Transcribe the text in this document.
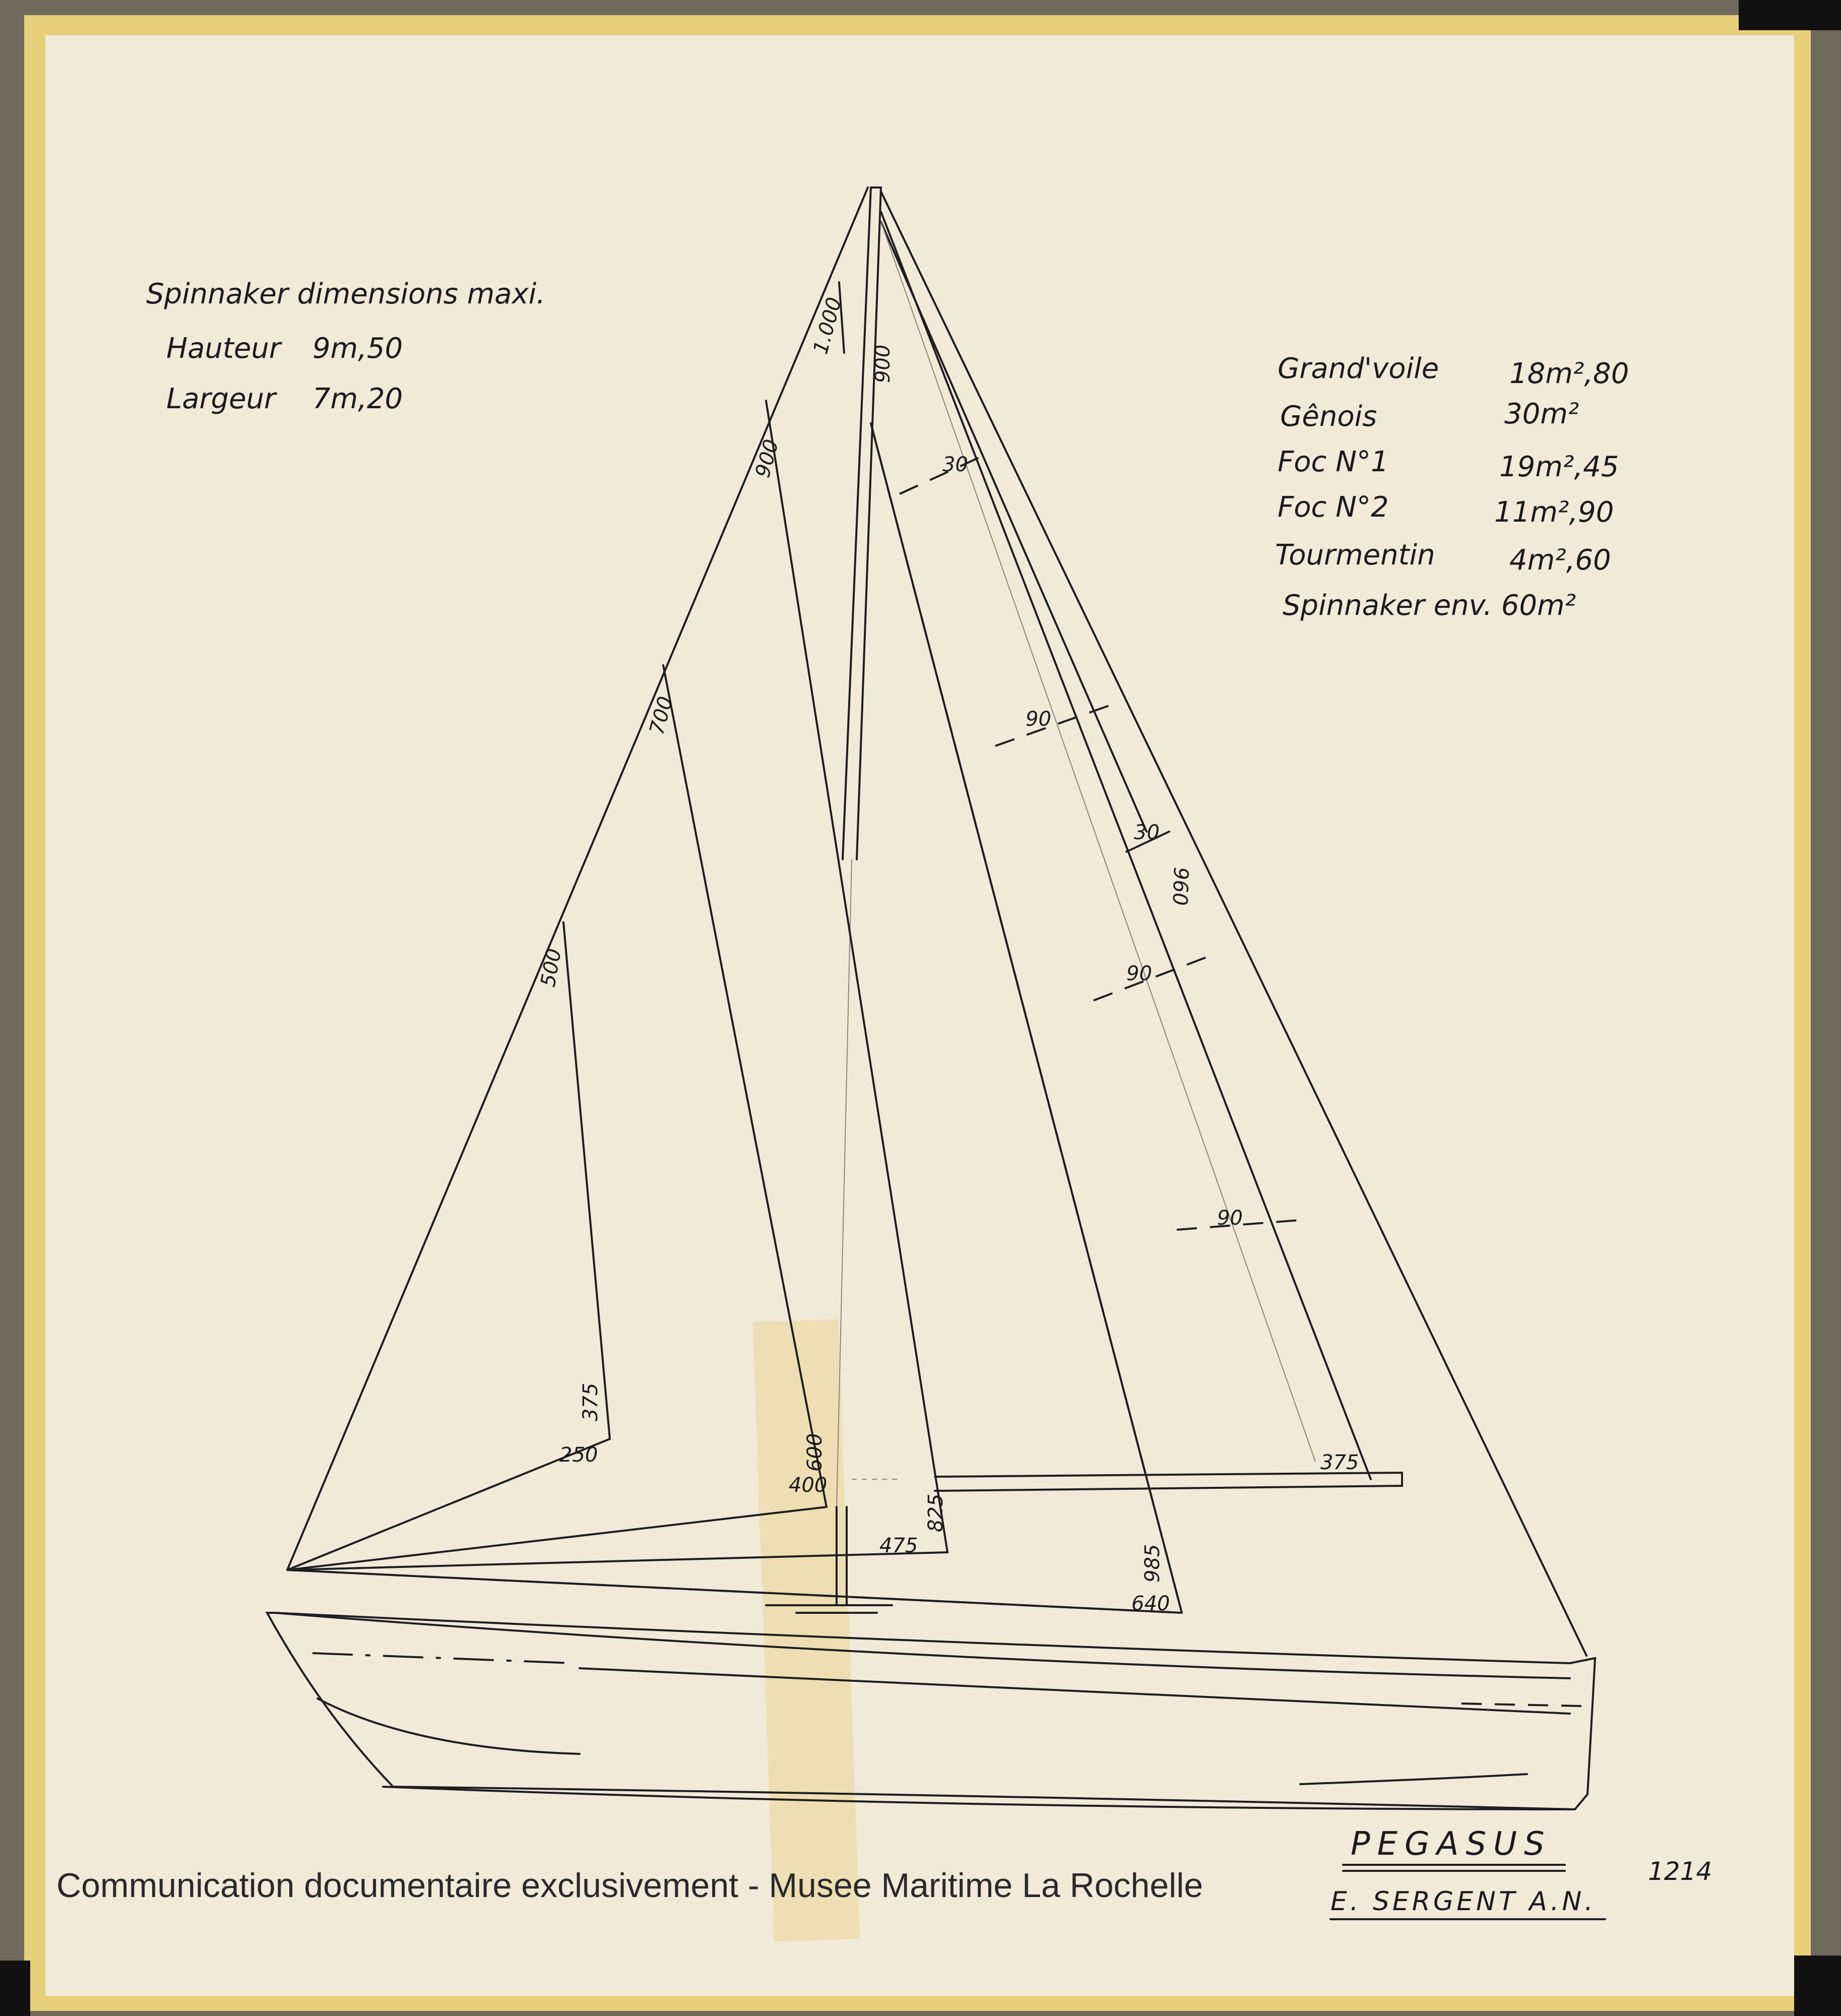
Spinnaker dimensions maxi.
Hauteur 9m,50
Largeur 7m,20
Grand'voile 18m²,80
Gênois	30m²
Foc N°1	19m²,45
Foc N°2	11m²,90
Tourmentin	4m²,60
Spinnaker env. 60m²
1.000
900
900	30
700
500
375
250	600
400
825
475	985
640
375
90
30
960
90
90
PEGASUS
E. SERGENT A.N.
1214
Communication documentaire exclusivement - Musee Maritime La Rochelle
